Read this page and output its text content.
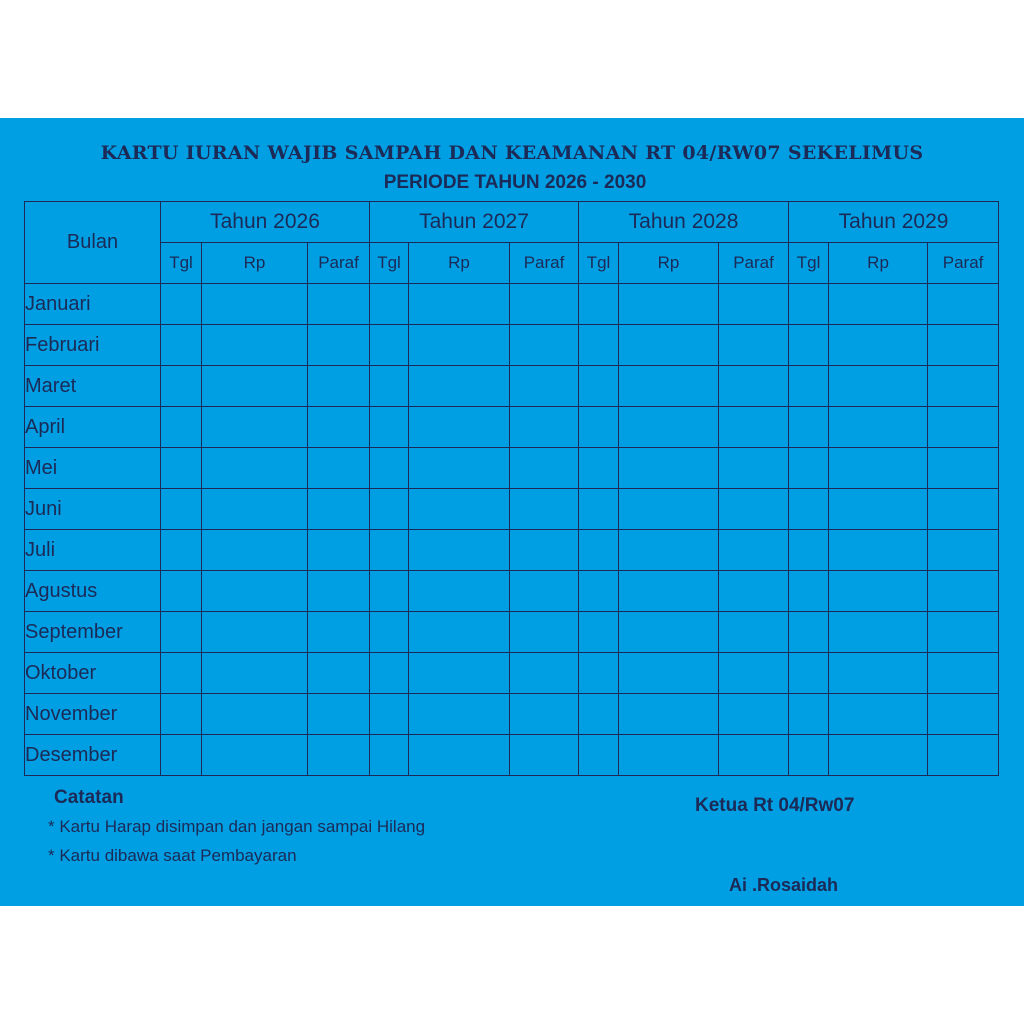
KARTU IURAN WAJIB SAMPAH DAN KEAMANAN RT 04/RW07 SEKELIMUS
PERIODE TAHUN 2026 - 2030
Bulan	Tahun 2026			Tahun 2027			Tahun 2028			Tahun 2029		
	Tgl	Rp	Paraf	Tgl	Rp	Paraf	Tgl	Rp	Paraf	Tgl	Rp	Paraf
Januari												
Februari												
Maret												
April												
Mei												
Juni												
Juli												
Agustus												
September												
Oktober												
November												
Desember												
Catatan
* Kartu Harap disimpan dan jangan sampai Hilang
* Kartu dibawa saat Pembayaran
Ketua Rt 04/Rw07
Ai .Rosaidah
